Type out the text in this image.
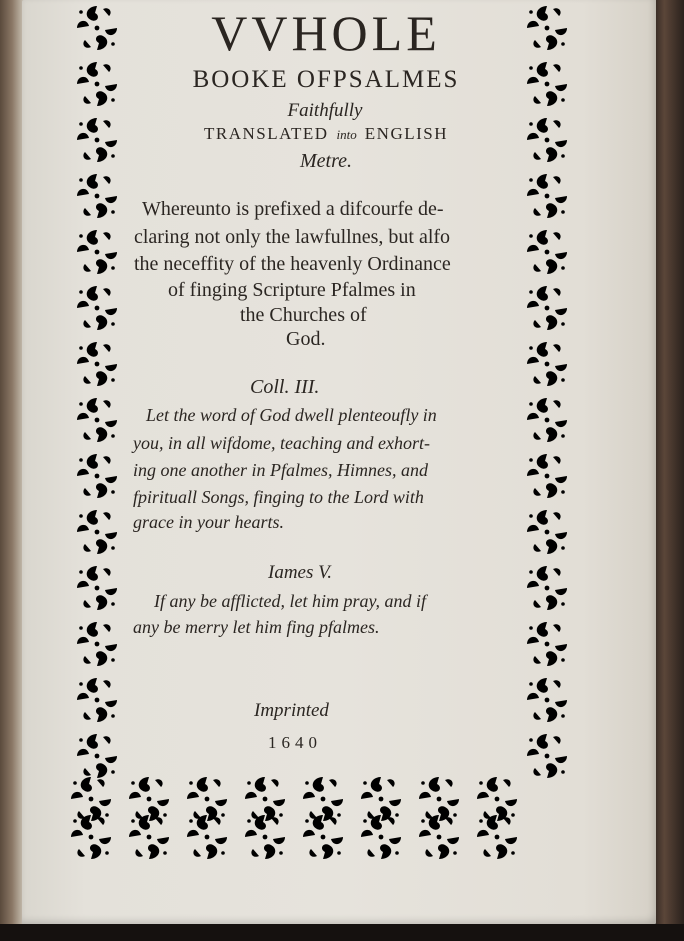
VVHOLE
BOOKE OFPSALMES
Faithfully
TRANSLATED into ENGLISH
Metre.
Whereunto is prefixed a difcourfe de-
claring not only the lawfullnes, but alfo
the neceffity of the heavenly Ordinance
of finging Scripture Pfalmes in
the Churches of
God.
Coll. III.
Let the word of God dwell plenteoufly in
you, in all wifdome, teaching and exhort-
ing one another in Pfalmes, Himnes, and
fpirituall Songs, finging to the Lord with
grace in your hearts.
Iames V.
If any be afflicted, let him pray, and if
any be merry let him fing pfalmes.
Imprinted
1640
